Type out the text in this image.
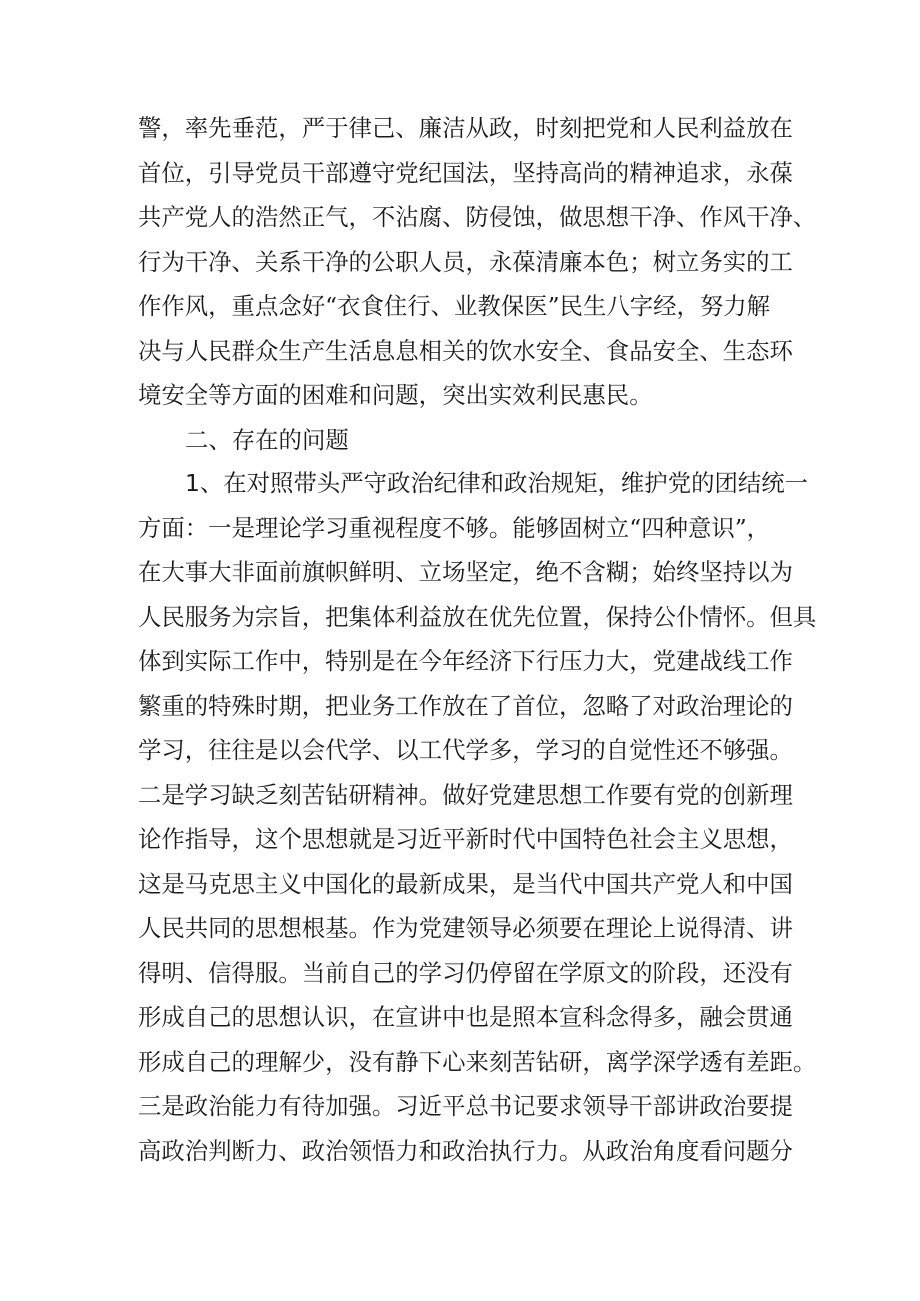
警，率先垂范，严于律己、廉洁从政，时刻把党和人民利益放在
首位，引导党员干部遵守党纪国法，坚持高尚的精神追求，永葆
共产党人的浩然正气，不沾腐、防侵蚀，做思想干净、作风干净、
行为干净、关系干净的公职人员，永葆清廉本色；树立务实的工
作作风，重点念好“衣食住行、业教保医”民生八字经，努力解
决与人民群众生产生活息息相关的饮水安全、食品安全、生态环
境安全等方面的困难和问题，突出实效利民惠民。
二、存在的问题
1、在对照带头严守政治纪律和政治规矩，维护党的团结统一
方面：一是理论学习重视程度不够。能够固树立“四种意识”，
在大事大非面前旗帜鲜明、立场坚定，绝不含糊；始终坚持以为
人民服务为宗旨，把集体利益放在优先位置，保持公仆情怀。但具
体到实际工作中，特别是在今年经济下行压力大，党建战线工作
繁重的特殊时期，把业务工作放在了首位，忽略了对政治理论的
学习，往往是以会代学、以工代学多，学习的自觉性还不够强。
二是学习缺乏刻苦钻研精神。做好党建思想工作要有党的创新理
论作指导，这个思想就是习近平新时代中国特色社会主义思想，
这是马克思主义中国化的最新成果，是当代中国共产党人和中国
人民共同的思想根基。作为党建领导必须要在理论上说得清、讲
得明、信得服。当前自己的学习仍停留在学原文的阶段，还没有
形成自己的思想认识，在宣讲中也是照本宣科念得多，融会贯通
形成自己的理解少，没有静下心来刻苦钻研，离学深学透有差距。
三是政治能力有待加强。习近平总书记要求领导干部讲政治要提
高政治判断力、政治领悟力和政治执行力。从政治角度看问题分
